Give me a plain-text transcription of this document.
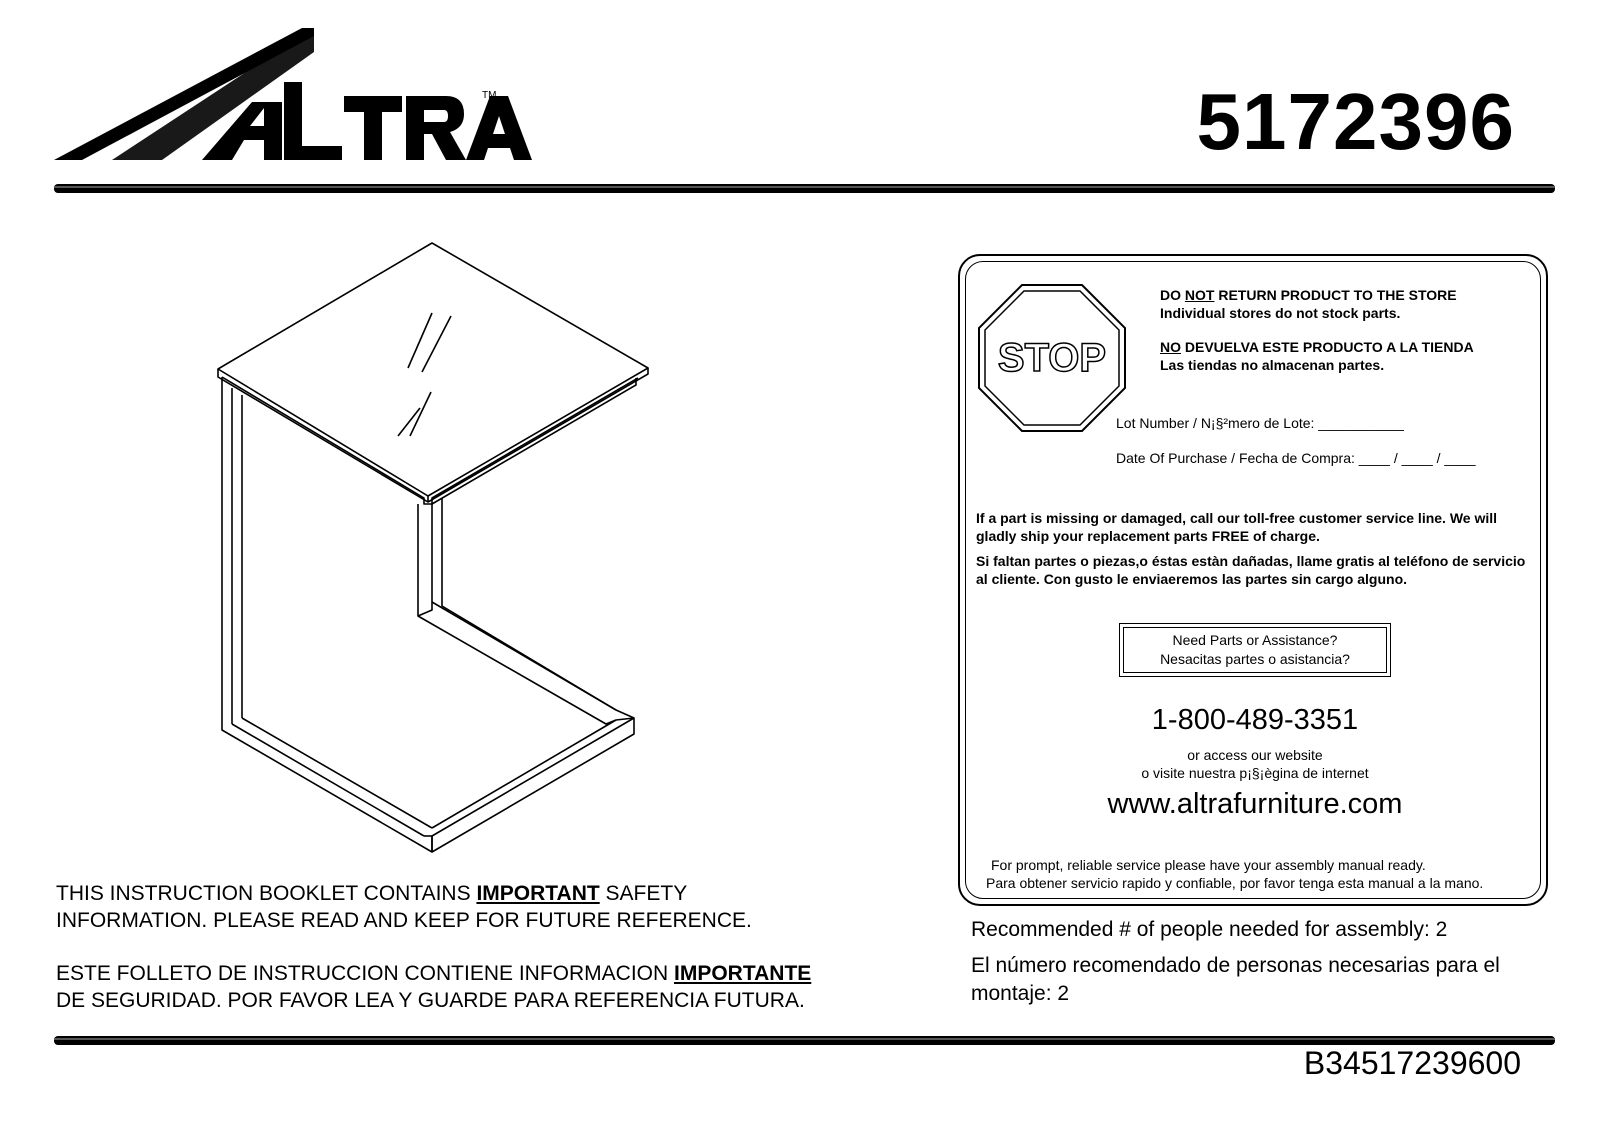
TM	5172396
STOP
DO NOT RETURN PRODUCT TO THE STORE
Individual stores do not stock parts.
NO DEVUELVA ESTE PRODUCTO A LA TIENDA
Las tiendas no almacenan partes.
Lot Number / N¡§²mero de Lote: ___________
Date Of Purchase / Fecha de Compra: ____ / ____ / ____
If a part is missing or damaged, call our toll-free customer service line. We will gladly ship your replacement parts FREE of charge.
Si faltan partes o piezas,o éstas estàn dañadas, llame gratis al teléfono de servicio al cliente. Con gusto le enviaeremos las partes sin cargo alguno.
Need Parts or Assistance?
Nesacitas partes o asistancia?
1-800-489-3351
or access our website
o visite nuestra p¡§¡ègina de internet
www.altrafurniture.com
For prompt, reliable service please have your assembly manual ready.
Para obtener servicio rapido y confiable, por favor tenga esta manual a la mano.
THIS INSTRUCTION BOOKLET CONTAINS IMPORTANT SAFETY
INFORMATION. PLEASE READ AND KEEP FOR FUTURE REFERENCE.
ESTE FOLLETO DE INSTRUCCION CONTIENE INFORMACION IMPORTANTE
DE SEGURIDAD. POR FAVOR LEA Y GUARDE PARA REFERENCIA FUTURA.
Recommended # of people needed for assembly: 2
El número recomendado de personas necesarias para el montaje: 2
B34517239600
